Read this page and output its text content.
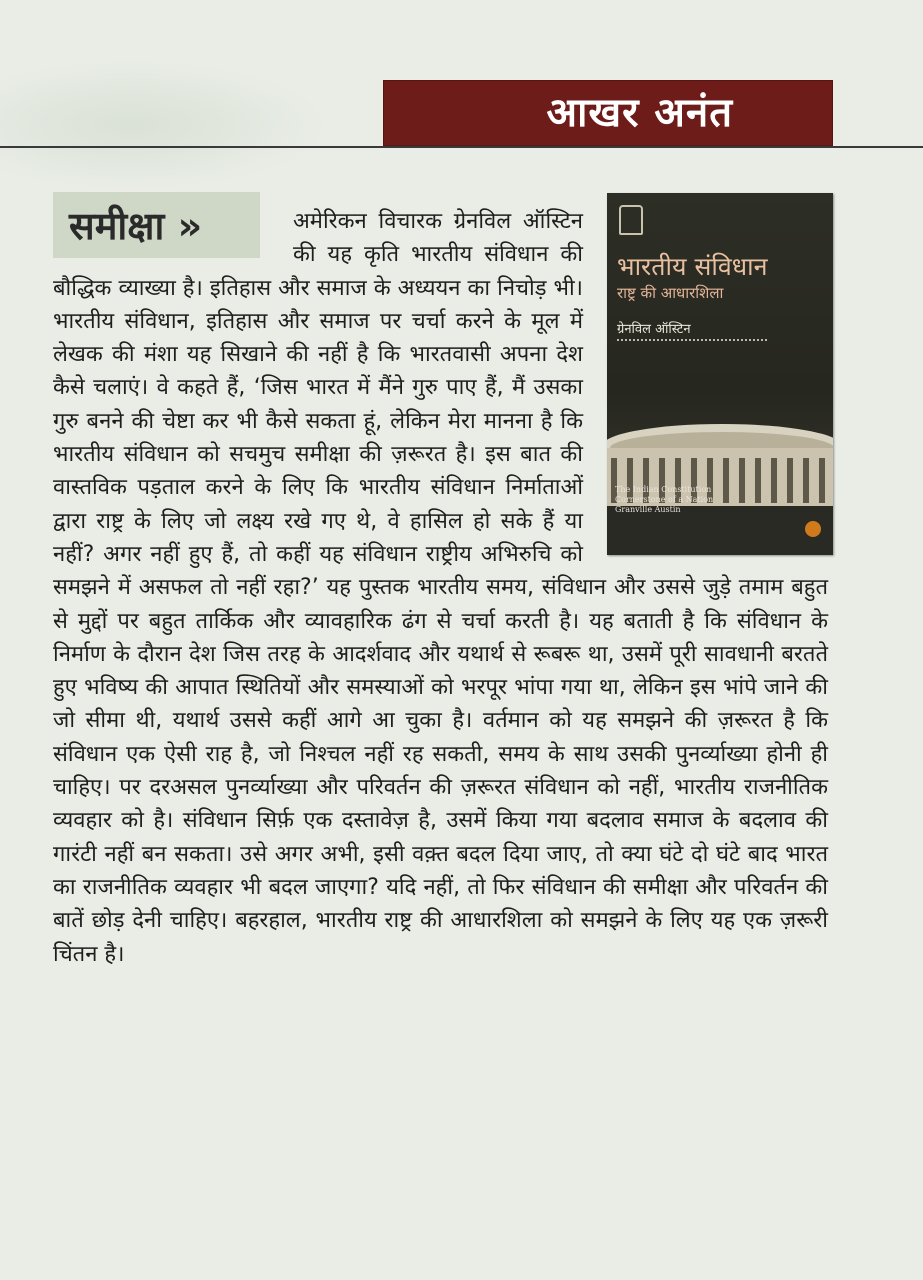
आखर अनंत
समीक्षा »
भारतीय संविधान
राष्ट्र की आधारशिला
ग्रेनविल ऑस्टिन
The Indian Constitution
Cornerstone of a Nation
Granville Austin

अमेरिकन विचारक ग्रेनविल ऑस्टिन की यह कृति भारतीय संविधान की बौद्धिक व्याख्या है। इतिहास और समाज के अध्ययन का निचोड़ भी। भारतीय संविधान, इतिहास और समाज पर चर्चा करने के मूल में लेखक की मंशा यह सिखाने की नहीं है कि भारतवासी अपना देश कैसे चलाएं। वे कहते हैं, ‘जिस भारत में मैंने गुरु पाए हैं, मैं उसका गुरु बनने की चेष्टा कर भी कैसे सकता हूं, लेकिन मेरा मानना है कि भारतीय संविधान को सचमुच समीक्षा की ज़रूरत है। इस बात की वास्तविक पड़ताल करने के लिए कि भारतीय संविधान निर्माताओं द्वारा राष्ट्र के लिए जो लक्ष्य रखे गए थे, वे हासिल हो सके हैं या नहीं? अगर नहीं हुए हैं, तो कहीं यह संविधान राष्ट्रीय अभिरुचि को समझने में असफल तो नहीं रहा?’ यह पुस्तक भारतीय समय, संविधान और उससे जुड़े तमाम बहुत से मुद्दों पर बहुत तार्किक और व्यावहारिक ढंग से चर्चा करती है। यह बताती है कि संविधान के निर्माण के दौरान देश जिस तरह के आदर्शवाद और यथार्थ से रूबरू था, उसमें पूरी सावधानी बरतते हुए भविष्य की आपात स्थितियों और समस्याओं को भरपूर भांपा गया था, लेकिन इस भांपे जाने की जो सीमा थी, यथार्थ उससे कहीं आगे आ चुका है। वर्तमान को यह समझने की ज़रूरत है कि संविधान एक ऐसी राह है, जो निश्चल नहीं रह सकती, समय के साथ उसकी पुनर्व्याख्या होनी ही चाहिए। पर दरअसल पुनर्व्याख्या और परिवर्तन की ज़रूरत संविधान को नहीं, भारतीय राजनीतिक व्यवहार को है। संविधान सिर्फ़ एक दस्तावेज़ है, उसमें किया गया बदलाव समाज के बदलाव की गारंटी नहीं बन सकता। उसे अगर अभी, इसी वक़्त बदल दिया जाए, तो क्या घंटे दो घंटे बाद भारत का राजनीतिक व्यवहार भी बदल जाएगा? यदि नहीं, तो फिर संविधान की समीक्षा और परिवर्तन की बातें छोड़ देनी चाहिए। बहरहाल, भारतीय राष्ट्र की आधारशिला को समझने के लिए यह एक ज़रूरी चिंतन है।
